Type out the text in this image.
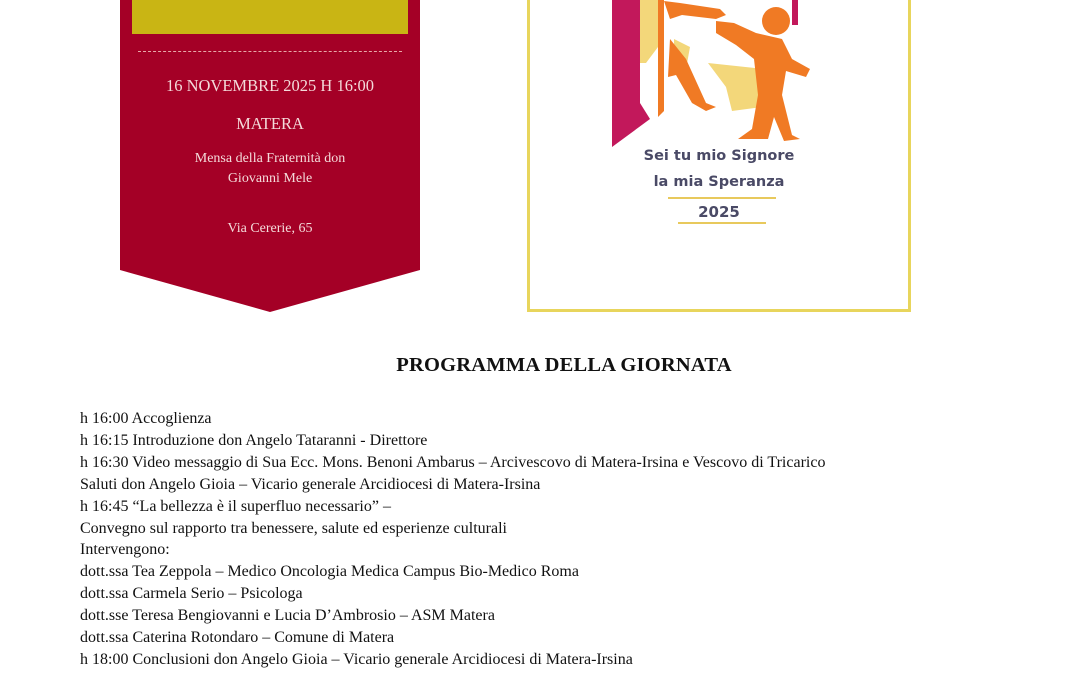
16 NOVEMBRE 2025 H 16:00
MATERA
Mensa della Fraternità don Giovanni Mele
Via Cererie, 65
Sei tu mio Signore
la mia Speranza
2025
PROGRAMMA DELLA GIORNATA
h 16:00 Accoglienza
h 16:15 Introduzione don Angelo Tataranni - Direttore
h 16:30 Video messaggio di Sua Ecc. Mons. Benoni Ambarus – Arcivescovo di Matera-Irsina e Vescovo di Tricarico
Saluti don Angelo Gioia – Vicario generale Arcidiocesi di Matera-Irsina
h 16:45 “La bellezza è il superfluo necessario” –
Convegno sul rapporto tra benessere, salute ed esperienze culturali
Intervengono:
dott.ssa Tea Zeppola – Medico Oncologia Medica Campus Bio-Medico Roma
dott.ssa Carmela Serio – Psicologa
dott.sse Teresa Bengiovanni e Lucia D’Ambrosio – ASM Matera
dott.ssa Caterina Rotondaro – Comune di Matera
h 18:00 Conclusioni don Angelo Gioia – Vicario generale Arcidiocesi di Matera-Irsina
